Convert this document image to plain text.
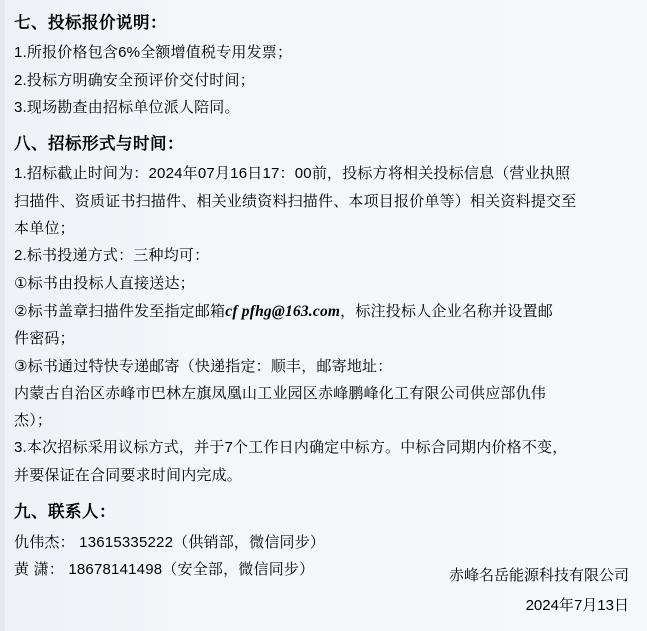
七、投标报价说明：
1.所报价格包含6%全额增值税专用发票；
2.投标方明确安全预评价交付时间；
3.现场勘查由招标单位派人陪同。
八、招标形式与时间：
1.招标截止时间为：2024年07月16日17：00前，投标方将相关投标信息（营业执照
扫描件、资质证书扫描件、相关业绩资料扫描件、本项目报价单等）相关资料提交至
本单位；
2.标书投递方式：三种均可：
①标书由投标人直接送达；
②标书盖章扫描件发至指定邮箱cf pfhg@163.com，标注投标人企业名称并设置邮
件密码；
③标书通过特快专递邮寄（快递指定：顺丰，邮寄地址：
内蒙古自治区赤峰市巴林左旗凤凰山工业园区赤峰鹏峰化工有限公司供应部仇伟
杰）；
3.本次招标采用议标方式，并于7个工作日内确定中标方。中标合同期内价格不变，
并要保证在合同要求时间内完成。
九、联系人：
仇伟杰： 13615335222（供销部，微信同步）
黄 潇： 18678141498（安全部，微信同步）	赤峰名岳能源科技有限公司
2024年7月13日
